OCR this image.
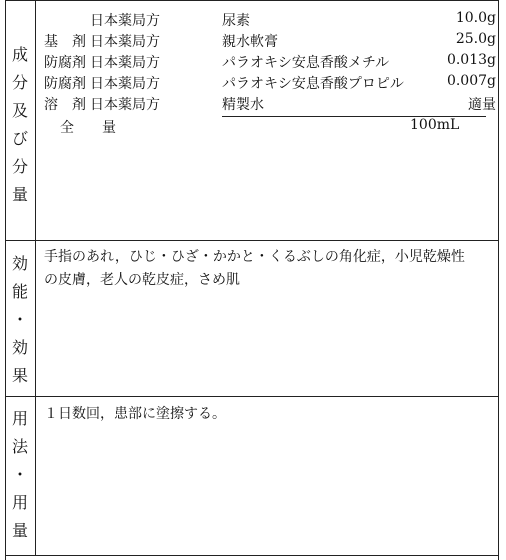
成
分
及
び
分
量
日本薬局方	尿素	10.0g
基　剤 日本薬局方	親水軟膏	25.0g
防腐剤 日本薬局方	パラオキシ安息香酸メチル	0.013g
防腐剤 日本薬局方	パラオキシ安息香酸プロピル	0.007g
溶　剤 日本薬局方	精製水	適量
全　　量	100mL
効
能
・
効
果
手指のあれ，ひじ・ひざ・かかと・くるぶしの角化症，小児乾燥性
の皮膚，老人の乾皮症，さめ肌
用
法
・
用
量
１日数回，患部に塗擦する。
